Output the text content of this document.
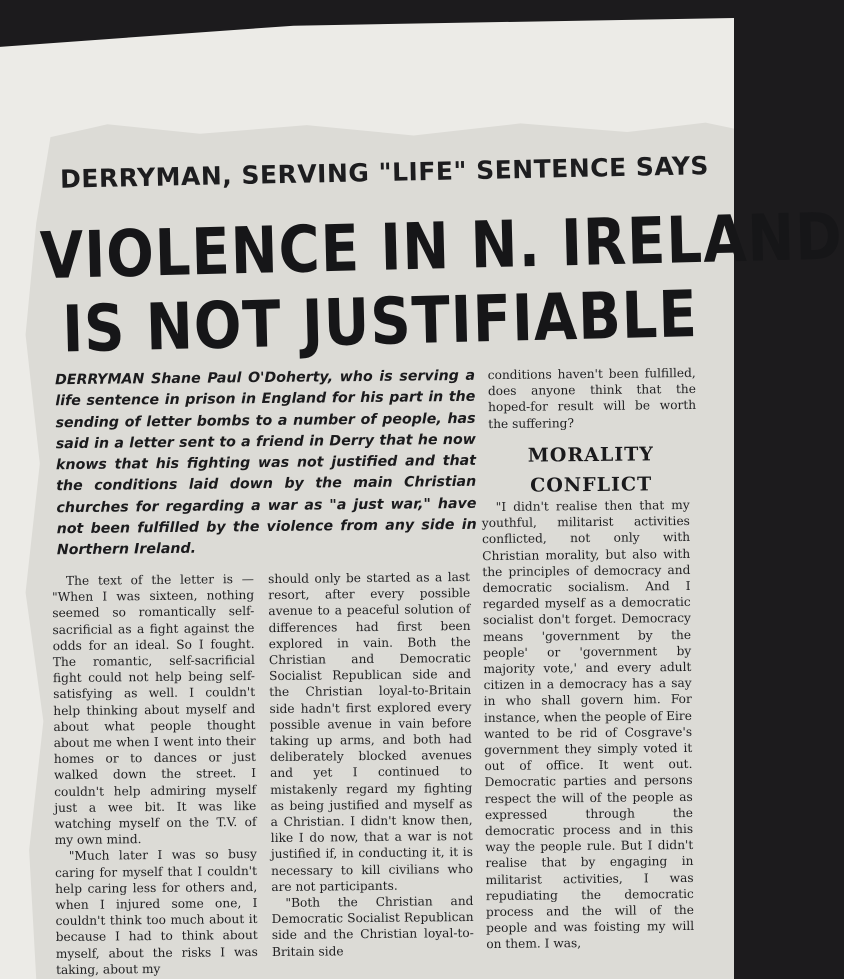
DERRYMAN, SERVING "LIFE" SENTENCE SAYS
VIOLENCE IN N. IRELAND
IS NOT JUSTIFIABLE
DERRYMAN Shane Paul O'Doherty, who is serving a life sentence in prison in England for his part in the sending of letter bombs to a number of people, has said in a letter sent to a friend in Derry that he now knows that his fighting was not justified and that the conditions laid down by the main Christian churches for regarding a war as "a just war," have not been fulfilled by the violence from any side in Northern Ireland.

The text of the letter is — "When I was sixteen, nothing seemed so romantically self-sacrificial as a fight against the odds for an ideal. So I fought. The romantic, self-sacrificial fight could not help being self-satisfying as well. I couldn't help thinking about myself and about what people thought about me when I went into their homes or to dances or just walked down the street. I couldn't help admiring myself just a wee bit. It was like watching myself on the T.V. of my own mind.

"Much later I was so busy caring for myself that I couldn't help caring less for others and, when I injured some one, I couldn't think too much about it because I had to think about myself, about the risks I was taking, about my

should only be started as a last resort, after every possible avenue to a peaceful solution of differences had first been explored in vain. Both the Christian and Democratic Socialist Republican side and the Christian loyal-to-Britain side hadn't first explored every possible avenue in vain before taking up arms, and both had deliberately blocked avenues and yet I continued to mistakenly regard my fighting as being justified and myself as a Christian. I didn't know then, like I do now, that a war is not justified if, in conducting it, it is necessary to kill civilians who are not participants.

"Both the Christian and Democratic Socialist Republican side and the Christian loyal-to-Britain side

conditions haven't been fulfilled, does anyone think that the hoped-for result will be worth the suffering?

MORALITY
CONFLICT

"I didn't realise then that my youthful, militarist activities conflicted, not only with Christian morality, but also with the principles of democracy and democratic socialism. And I regarded myself as a democratic socialist don't forget. Democracy means 'government by the people' or 'government by majority vote,' and every adult citizen in a democracy has a say in who shall govern him. For instance, when the people of Eire wanted to be rid of Cosgrave's government they simply voted it out of office. It went out. Democratic parties and persons respect the will of the people as expressed through the democratic process and in this way the people rule. But I didn't realise that by engaging in militarist activities, I was repudiating the democratic process and the will of the people and was foisting my will on them. I was,
